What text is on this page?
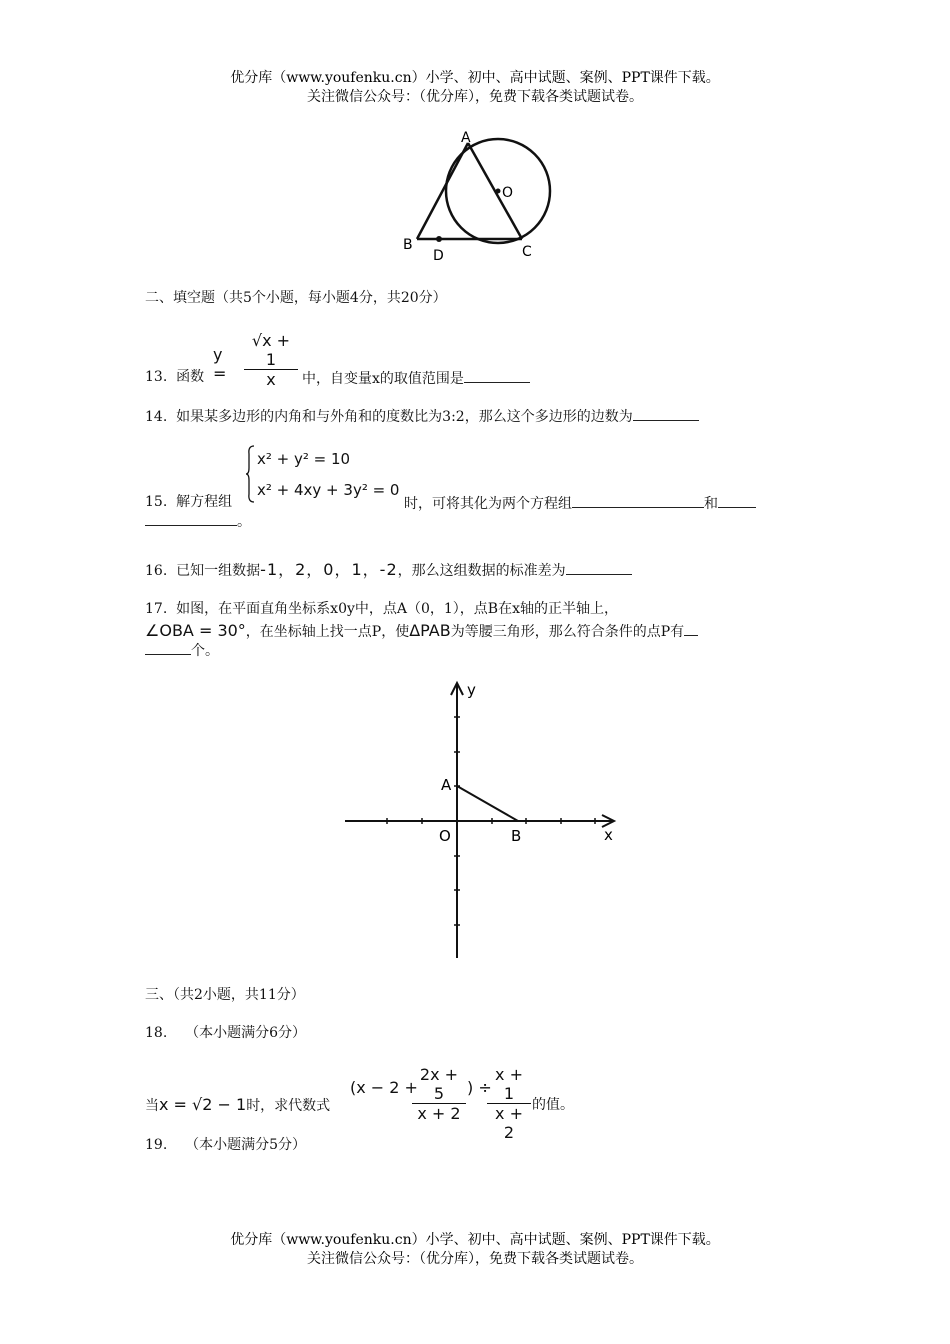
优分库（www.youfenku.cn）小学、初中、高中试题、案例、PPT课件下载。
关注微信公众号：（优分库），免费下载各类试题试卷。
A
O
B
D	C
二、填空题（共5个小题，每小题4分，共20分）
13. 函数
$y = \frac{√x + 1}{x}$ 中，自变量x的取值范围是
14. 如果某多边形的内角和与外角和的度数比为3:2，那么这个多边形的边数为
15. 解方程组
x² + y² = 10
x² + 4xy + 3y² = 0
时，可将其化为两个方程组	和
。
16. 已知一组数据-1，2，0，1，-2，那么这组数据的标准差为
17. 如图，在平面直角坐标系x0y中，点A（0，1），点B在x轴的正半轴上，
∠OBA = 30°，在坐标轴上找一点P，使ΔPAB为等腰三角形，那么符合条件的点P有
个。
y
x
A
O	B
三、（共2小题，共11分）
18. （本小题满分6分）
当x = √2 − 1时，求代数式
(x − 2 +
$\frac{2x + 5}{x + 2}$ ) ÷
$\frac{x + 1}{x + 2}$ 的值。
19. （本小题满分5分）
优分库（www.youfenku.cn）小学、初中、高中试题、案例、PPT课件下载。
关注微信公众号：（优分库），免费下载各类试题试卷。
